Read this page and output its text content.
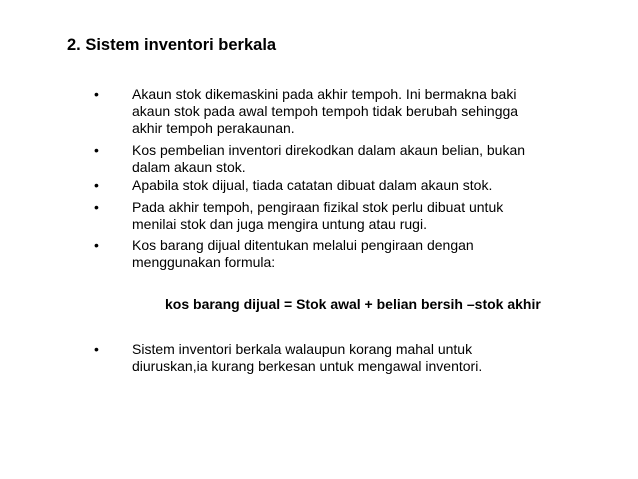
2. Sistem inventori berkala
• Akaun stok dikemaskini pada akhir tempoh. Ini bermakna baki
akaun stok pada awal tempoh tempoh tidak berubah sehingga
akhir tempoh perakaunan.
• Kos pembelian inventori direkodkan dalam akaun belian, bukan
dalam akaun stok.
• Apabila stok dijual, tiada catatan dibuat dalam akaun stok.
• Pada akhir tempoh, pengiraan fizikal stok perlu dibuat untuk
menilai stok dan juga mengira untung atau rugi.
• Kos barang dijual ditentukan melalui pengiraan dengan
menggunakan formula:
kos barang dijual = Stok awal + belian bersih –stok akhir
• Sistem inventori berkala walaupun korang mahal untuk
diuruskan,ia kurang berkesan untuk mengawal inventori.
